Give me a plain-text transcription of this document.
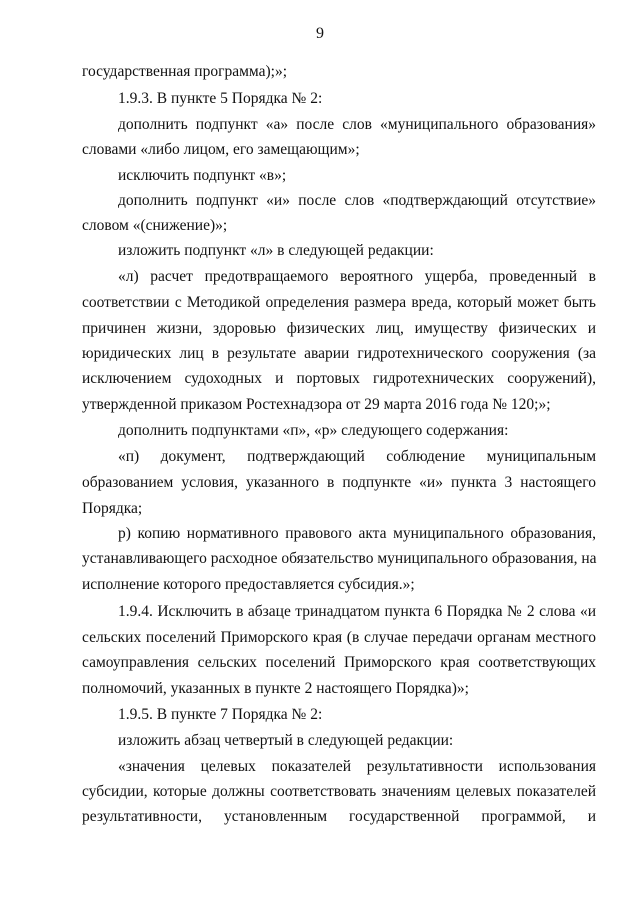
9
государственная программа);»;
1.9.3. В пункте 5 Порядка № 2:
дополнить подпункт «а» после слов «муниципального образования»
словами «либо лицом, его замещающим»;
исключить подпункт «в»;
дополнить подпункт «и» после слов «подтверждающий отсутствие»
словом «(снижение)»;
изложить подпункт «л» в следующей редакции:
«л) расчет предотвращаемого вероятного ущерба, проведенный в
соответствии с Методикой определения размера вреда, который может быть
причинен жизни, здоровью физических лиц, имуществу физических и
юридических лиц в результате аварии гидротехнического сооружения (за
исключением судоходных и портовых гидротехнических сооружений),
утвержденной приказом Ростехнадзора от 29 марта 2016 года № 120;»;
дополнить подпунктами «п», «р» следующего содержания:
«п) документ, подтверждающий соблюдение муниципальным
образованием условия, указанного в подпункте «и» пункта 3 настоящего
Порядка;
р) копию нормативного правового акта муниципального образования,
устанавливающего расходное обязательство муниципального образования, на
исполнение которого предоставляется субсидия.»;
1.9.4. Исключить в абзаце тринадцатом пункта 6 Порядка № 2 слова «и
сельских поселений Приморского края (в случае передачи органам местного
самоуправления сельских поселений Приморского края соответствующих
полномочий, указанных в пункте 2 настоящего Порядка)»;
1.9.5. В пункте 7 Порядка № 2:
изложить абзац четвертый в следующей редакции:
«значения целевых показателей результативности использования
субсидии, которые должны соответствовать значениям целевых показателей
результативности, установленным государственной программой, и
